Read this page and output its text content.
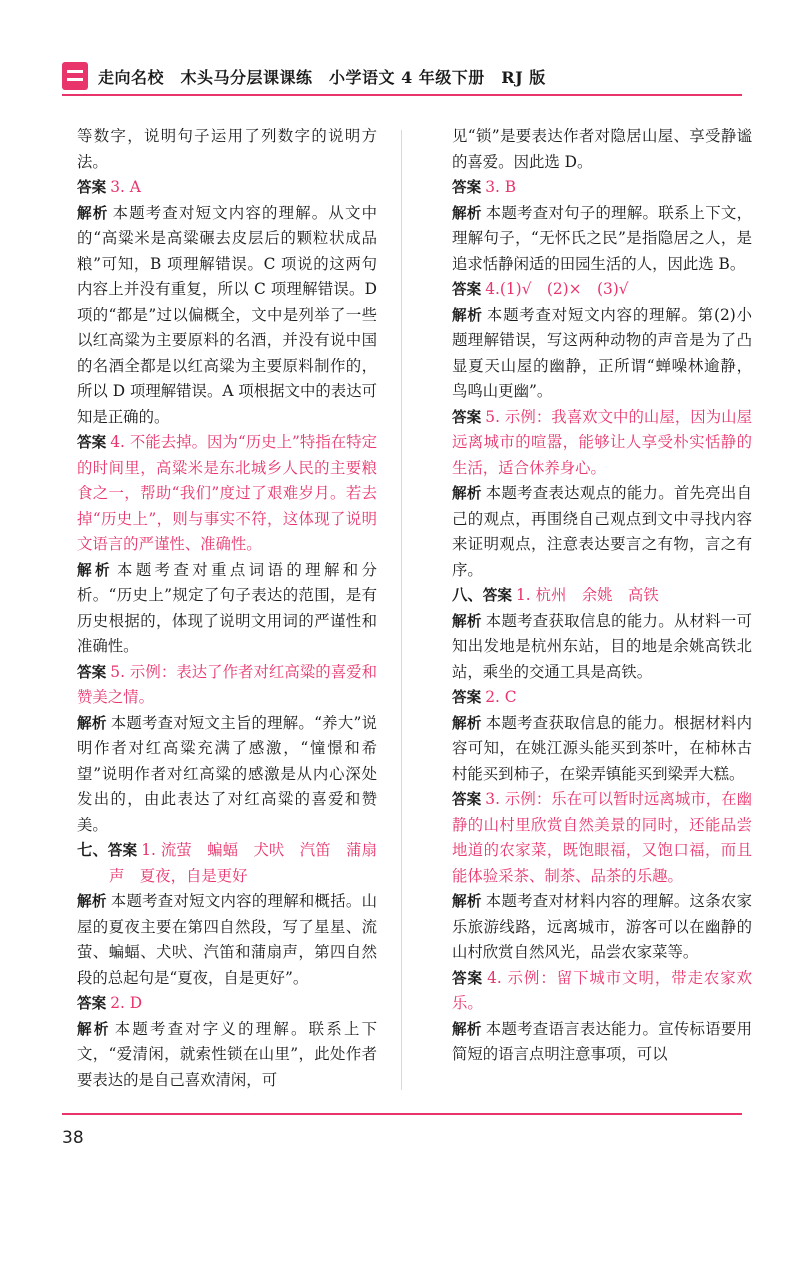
走向名校　木头马分层课课练　小学语文 4 年级下册　RJ 版

等数字，说明句子运用了列数字的说明方法。

答案 3. A

解析 本题考查对短文内容的理解。从文中的“高粱米是高粱碾去皮层后的颗粒状成品粮”可知，B 项理解错误。C 项说的这两句内容上并没有重复，所以 C 项理解错误。D 项的“都是”过以偏概全，文中是列举了一些以红高粱为主要原料的名酒，并没有说中国的名酒全都是以红高粱为主要原料制作的，所以 D 项理解错误。A 项根据文中的表达可知是正确的。

答案 4. 不能去掉。因为“历史上”特指在特定的时间里，高粱米是东北城乡人民的主要粮食之一，帮助“我们”度过了艰难岁月。若去掉“历史上”，则与事实不符，这体现了说明文语言的严谨性、准确性。

解析 本题考查对重点词语的理解和分析。“历史上”规定了句子表达的范围，是有历史根据的，体现了说明文用词的严谨性和准确性。

答案 5. 示例：表达了作者对红高粱的喜爱和赞美之情。

解析 本题考查对短文主旨的理解。“养大”说明作者对红高粱充满了感激，“憧憬和希望”说明作者对红高粱的感激是从内心深处发出的，由此表达了对红高粱的喜爱和赞美。

七、答案 1. 流萤　蝙蝠　犬吠　汽笛　蒲扇声　夏夜，自是更好

解析 本题考查对短文内容的理解和概括。山屋的夏夜主要在第四自然段，写了星星、流萤、蝙蝠、犬吠、汽笛和蒲扇声，第四自然段的总起句是“夏夜，自是更好”。

答案 2. D

解析 本题考查对字义的理解。联系上下文，“爱清闲，就索性锁在山里”，此处作者要表达的是自己喜欢清闲，可

见“锁”是要表达作者对隐居山屋、享受静谧的喜爱。因此选 D。

答案 3. B

解析 本题考查对句子的理解。联系上下文，理解句子，“无怀氏之民”是指隐居之人，是追求恬静闲适的田园生活的人，因此选 B。

答案 4.(1)√　(2)×　(3)√

解析 本题考查对短文内容的理解。第(2)小题理解错误，写这两种动物的声音是为了凸显夏天山屋的幽静，正所谓“蝉噪林逾静，鸟鸣山更幽”。

答案 5. 示例：我喜欢文中的山屋，因为山屋远离城市的喧嚣，能够让人享受朴实恬静的生活，适合休养身心。

解析 本题考查表达观点的能力。首先亮出自己的观点，再围绕自己观点到文中寻找内容来证明观点，注意表达要言之有物，言之有序。

八、答案 1. 杭州　余姚　高铁

解析 本题考查获取信息的能力。从材料一可知出发地是杭州东站，目的地是余姚高铁北站，乘坐的交通工具是高铁。

答案 2. C

解析 本题考查获取信息的能力。根据材料内容可知，在姚江源头能买到茶叶，在柿林古村能买到柿子，在梁弄镇能买到梁弄大糕。

答案 3. 示例：乐在可以暂时远离城市，在幽静的山村里欣赏自然美景的同时，还能品尝地道的农家菜，既饱眼福，又饱口福，而且能体验采茶、制茶、品茶的乐趣。

解析 本题考查对材料内容的理解。这条农家乐旅游线路，远离城市，游客可以在幽静的山村欣赏自然风光，品尝农家菜等。

答案 4. 示例：留下城市文明，带走农家欢乐。

解析 本题考查语言表达能力。宣传标语要用简短的语言点明注意事项，可以

38
